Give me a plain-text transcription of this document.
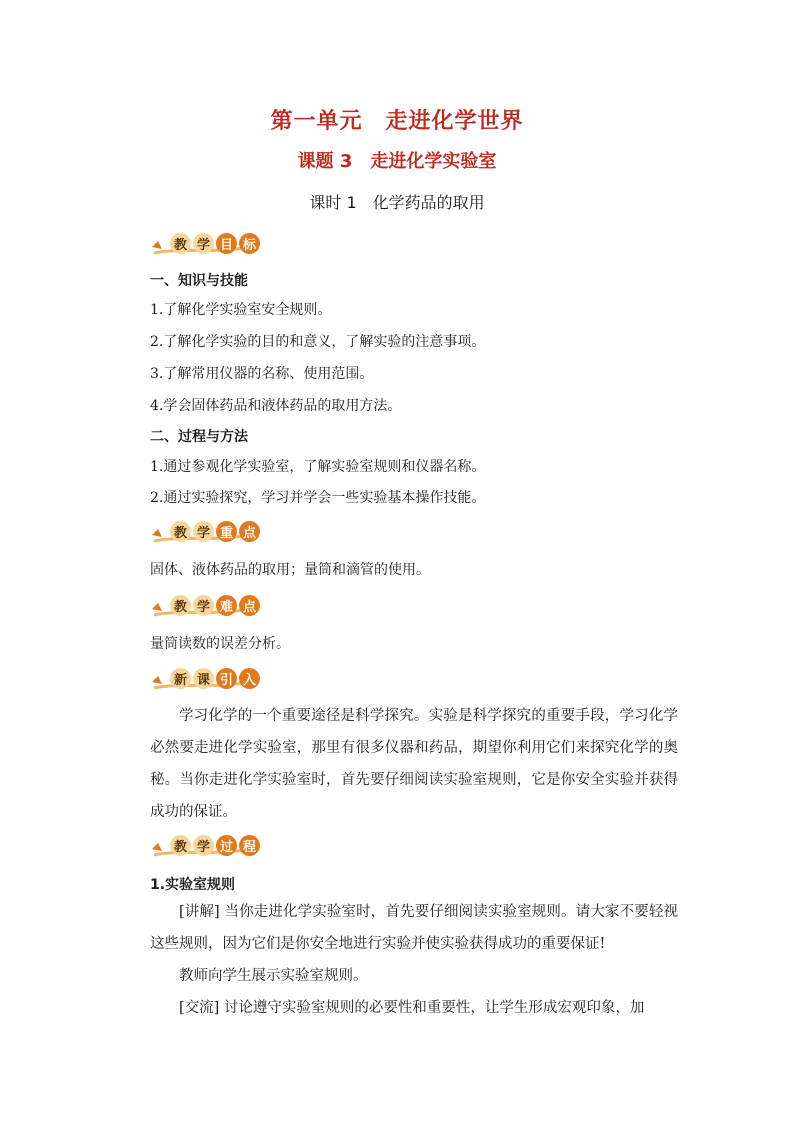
第一单元　走进化学世界
课题 3　走进化学实验室
课时 1　化学药品的取用
教 学 目 标
一、知识与技能
1.了解化学实验室安全规则。
2.了解化学实验的目的和意义，了解实验的注意事项。
3.了解常用仪器的名称、使用范围。
4.学会固体药品和液体药品的取用方法。
二、过程与方法
1.通过参观化学实验室，了解实验室规则和仪器名称。
2.通过实验探究，学习并学会一些实验基本操作技能。
教 学 重 点
固体、液体药品的取用；量筒和滴管的使用。
教 学 难 点
量筒读数的误差分析。
新 课 引 入
学习化学的一个重要途径是科学探究。实验是科学探究的重要手段，学习化学必然要走进化学实验室，那里有很多仪器和药品，期望你利用它们来探究化学的奥秘。当你走进化学实验室时，首先要仔细阅读实验室规则，它是你安全实验并获得成功的保证。
教 学 过 程
1.实验室规则
[讲解] 当你走进化学实验室时，首先要仔细阅读实验室规则。请大家不要轻视这些规则，因为它们是你安全地进行实验并使实验获得成功的重要保证!
教师向学生展示实验室规则。
[交流] 讨论遵守实验室规则的必要性和重要性，让学生形成宏观印象，加
